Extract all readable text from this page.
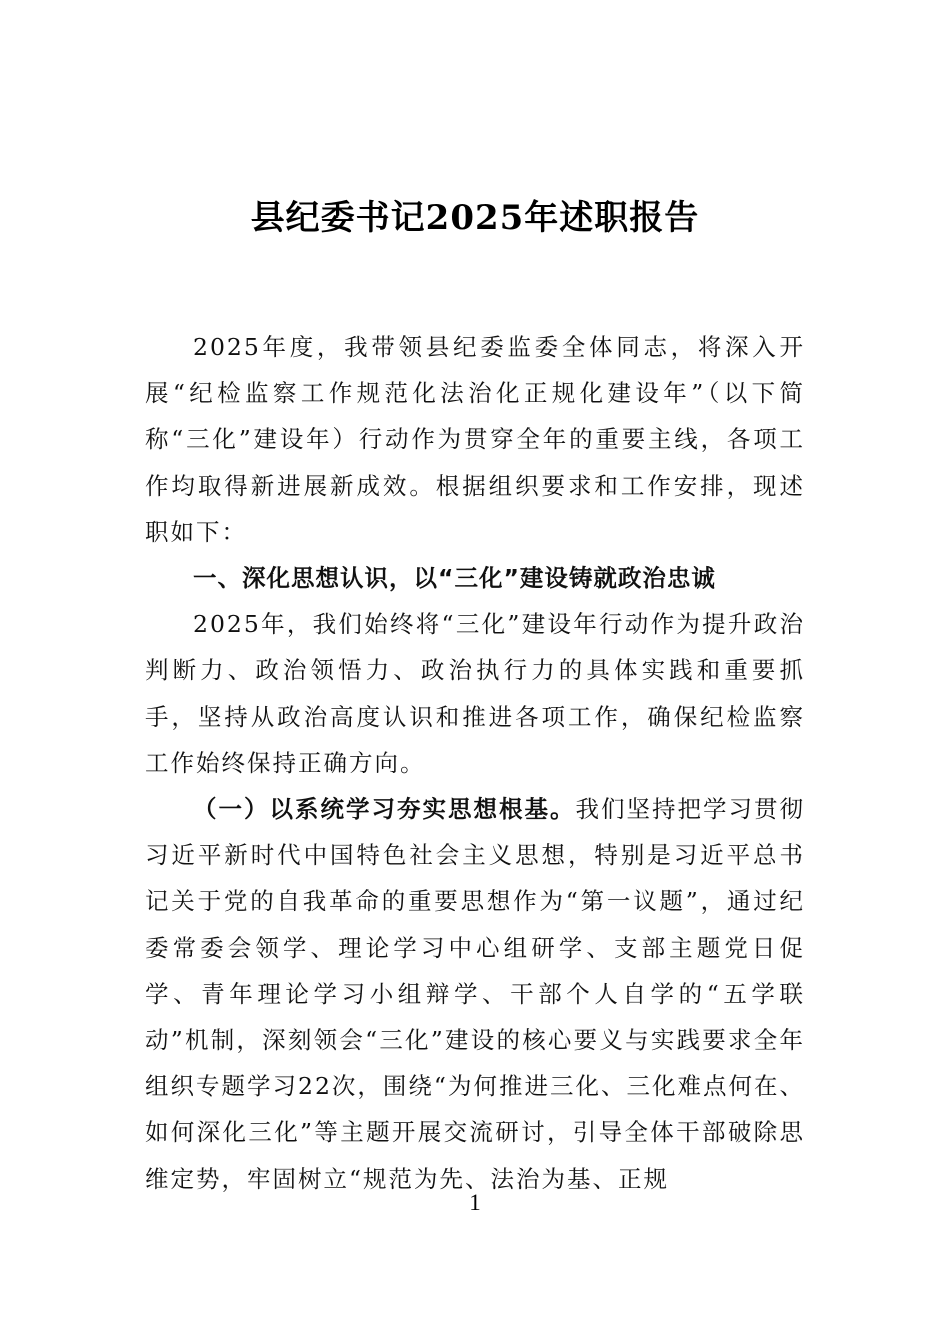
县纪委书记2025年述职报告

2025年度，我带领县纪委监委全体同志，将深入开展“纪检监察工作规范化法治化正规化建设年”（以下简称“三化”建设年）行动作为贯穿全年的重要主线，各项工作均取得新进展新成效。根据组织要求和工作安排，现述职如下：

一、深化思想认识，以“三化”建设铸就政治忠诚

2025年，我们始终将“三化”建设年行动作为提升政治判断力、政治领悟力、政治执行力的具体实践和重要抓手，坚持从政治高度认识和推进各项工作，确保纪检监察工作始终保持正确方向。

（一）以系统学习夯实思想根基。我们坚持把学习贯彻习近平新时代中国特色社会主义思想，特别是习近平总书记关于党的自我革命的重要思想作为“第一议题”，通过纪委常委会领学、理论学习中心组研学、支部主题党日促学、青年理论学习小组辩学、干部个人自学的“五学联动”机制，深刻领会“三化”建设的核心要义与实践要求全年组织专题学习22次，围绕“为何推进三化、三化难点何在、如何深化三化”等主题开展交流研讨，引导全体干部破除思维定势，牢固树立“规范为先、法治为基、正规

1
